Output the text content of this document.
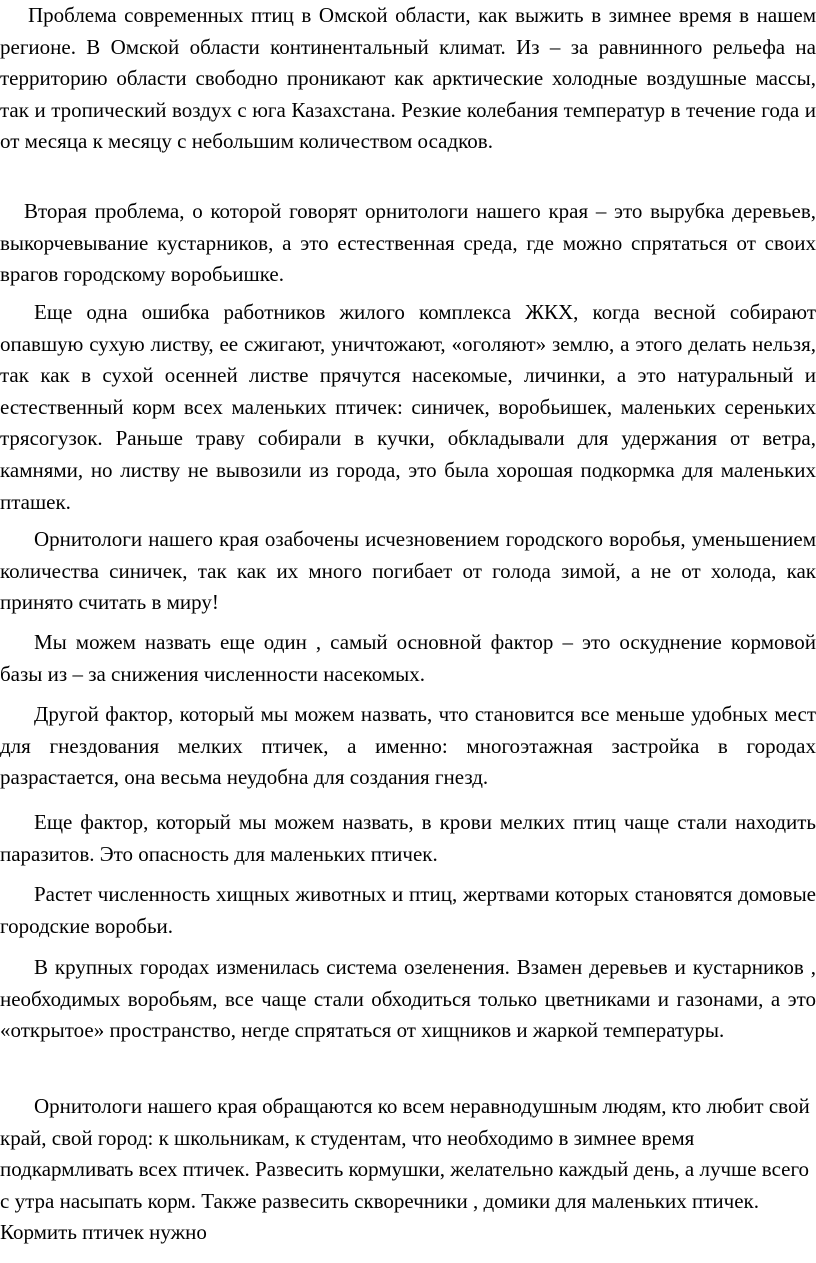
Проблема современных птиц в Омской области, как выжить в зимнее время в нашем регионе. В Омской области континентальный климат. Из – за равнинного рельефа на территорию области свободно проникают как арктические холодные воздушные массы, так и тропический воздух с юга Казахстана. Резкие колебания температур в течение года и от месяца к месяцу с небольшим количеством осадков.

Вторая проблема, о которой говорят орнитологи нашего края – это вырубка деревьев, выкорчевывание кустарников, а это естественная среда, где можно спрятаться от своих врагов городскому воробьишке.

Еще одна ошибка работников жилого комплекса ЖКХ, когда весной собирают опавшую сухую листву, ее сжигают, уничтожают, «оголяют» землю, а этого делать нельзя, так как в сухой осенней листве прячутся насекомые, личинки, а это натуральный и естественный корм всех маленьких птичек: синичек, воробьишек, маленьких серeньких трясогузок. Раньше траву собирали в кучки, обкладывали для удержания от ветра, камнями, но листву не вывозили из города, это была хорошая подкормка для маленьких пташек.

Орнитологи нашего края озабочены исчезновением городского воробья, уменьшением количества синичек, так как их много погибает от голода зимой, а не от холода, как принято считать в миру!

Мы можем назвать еще один , самый основной фактор – это оскуднение кормовой базы из – за снижения численности насекомых.

Другой фактор, который мы можем назвать, что становится все меньше удобных мест для гнездования мелких птичек, а именно: многоэтажная застройка в городах разрастается, она весьма неудобна для создания гнезд.

Еще фактор, который мы можем назвать, в крови мелких птиц чаще стали находить паразитов. Это опасность для маленьких птичек.

Растет численность хищных животных и птиц, жертвами которых становятся домовые городские воробьи.

В крупных городах изменилась система озеленения. Взамен деревьев и кустарников , необходимых воробьям, все чаще стали обходиться только цветниками и газонами, а это «открытое» пространство, негде спрятаться от хищников и жаркой температуры.

Орнитологи нашего края обращаются ко всем неравнодушным людям, кто любит свой край, свой город: к школьникам, к студентам, что необходимо в зимнее время подкармливать всех птичек. Развесить кормушки, желательно каждый день, а лучше всего с утра насыпать корм. Также развесить скворечники , домики для маленьких птичек. Кормить птичек нужно
